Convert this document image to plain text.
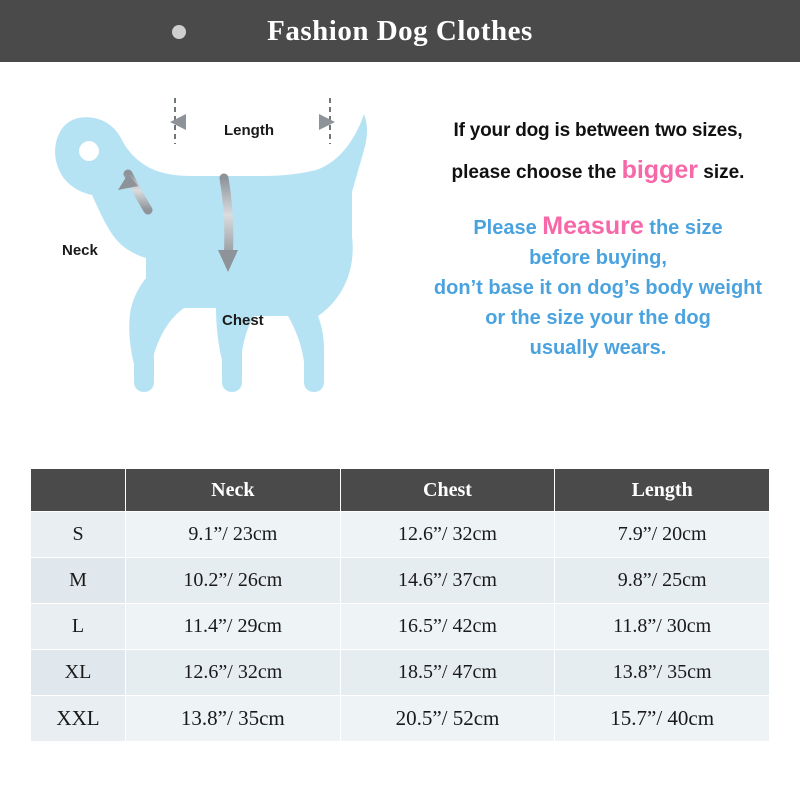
Fashion Dog Clothes
Length
Neck
Chest
If your dog is between two sizes,
please choose the bigger size.
Please Measure the size
before buying,
don’t base it on dog’s body weight
or the size your the dog
usually wears.
	Neck	Chest	Length
S	9.1”/ 23cm	12.6”/ 32cm	7.9”/ 20cm
M	10.2”/ 26cm	14.6”/ 37cm	9.8”/ 25cm
L	11.4”/ 29cm	16.5”/ 42cm	11.8”/ 30cm
XL	12.6”/ 32cm	18.5”/ 47cm	13.8”/ 35cm
XXL	13.8”/ 35cm	20.5”/ 52cm	15.7”/ 40cm
